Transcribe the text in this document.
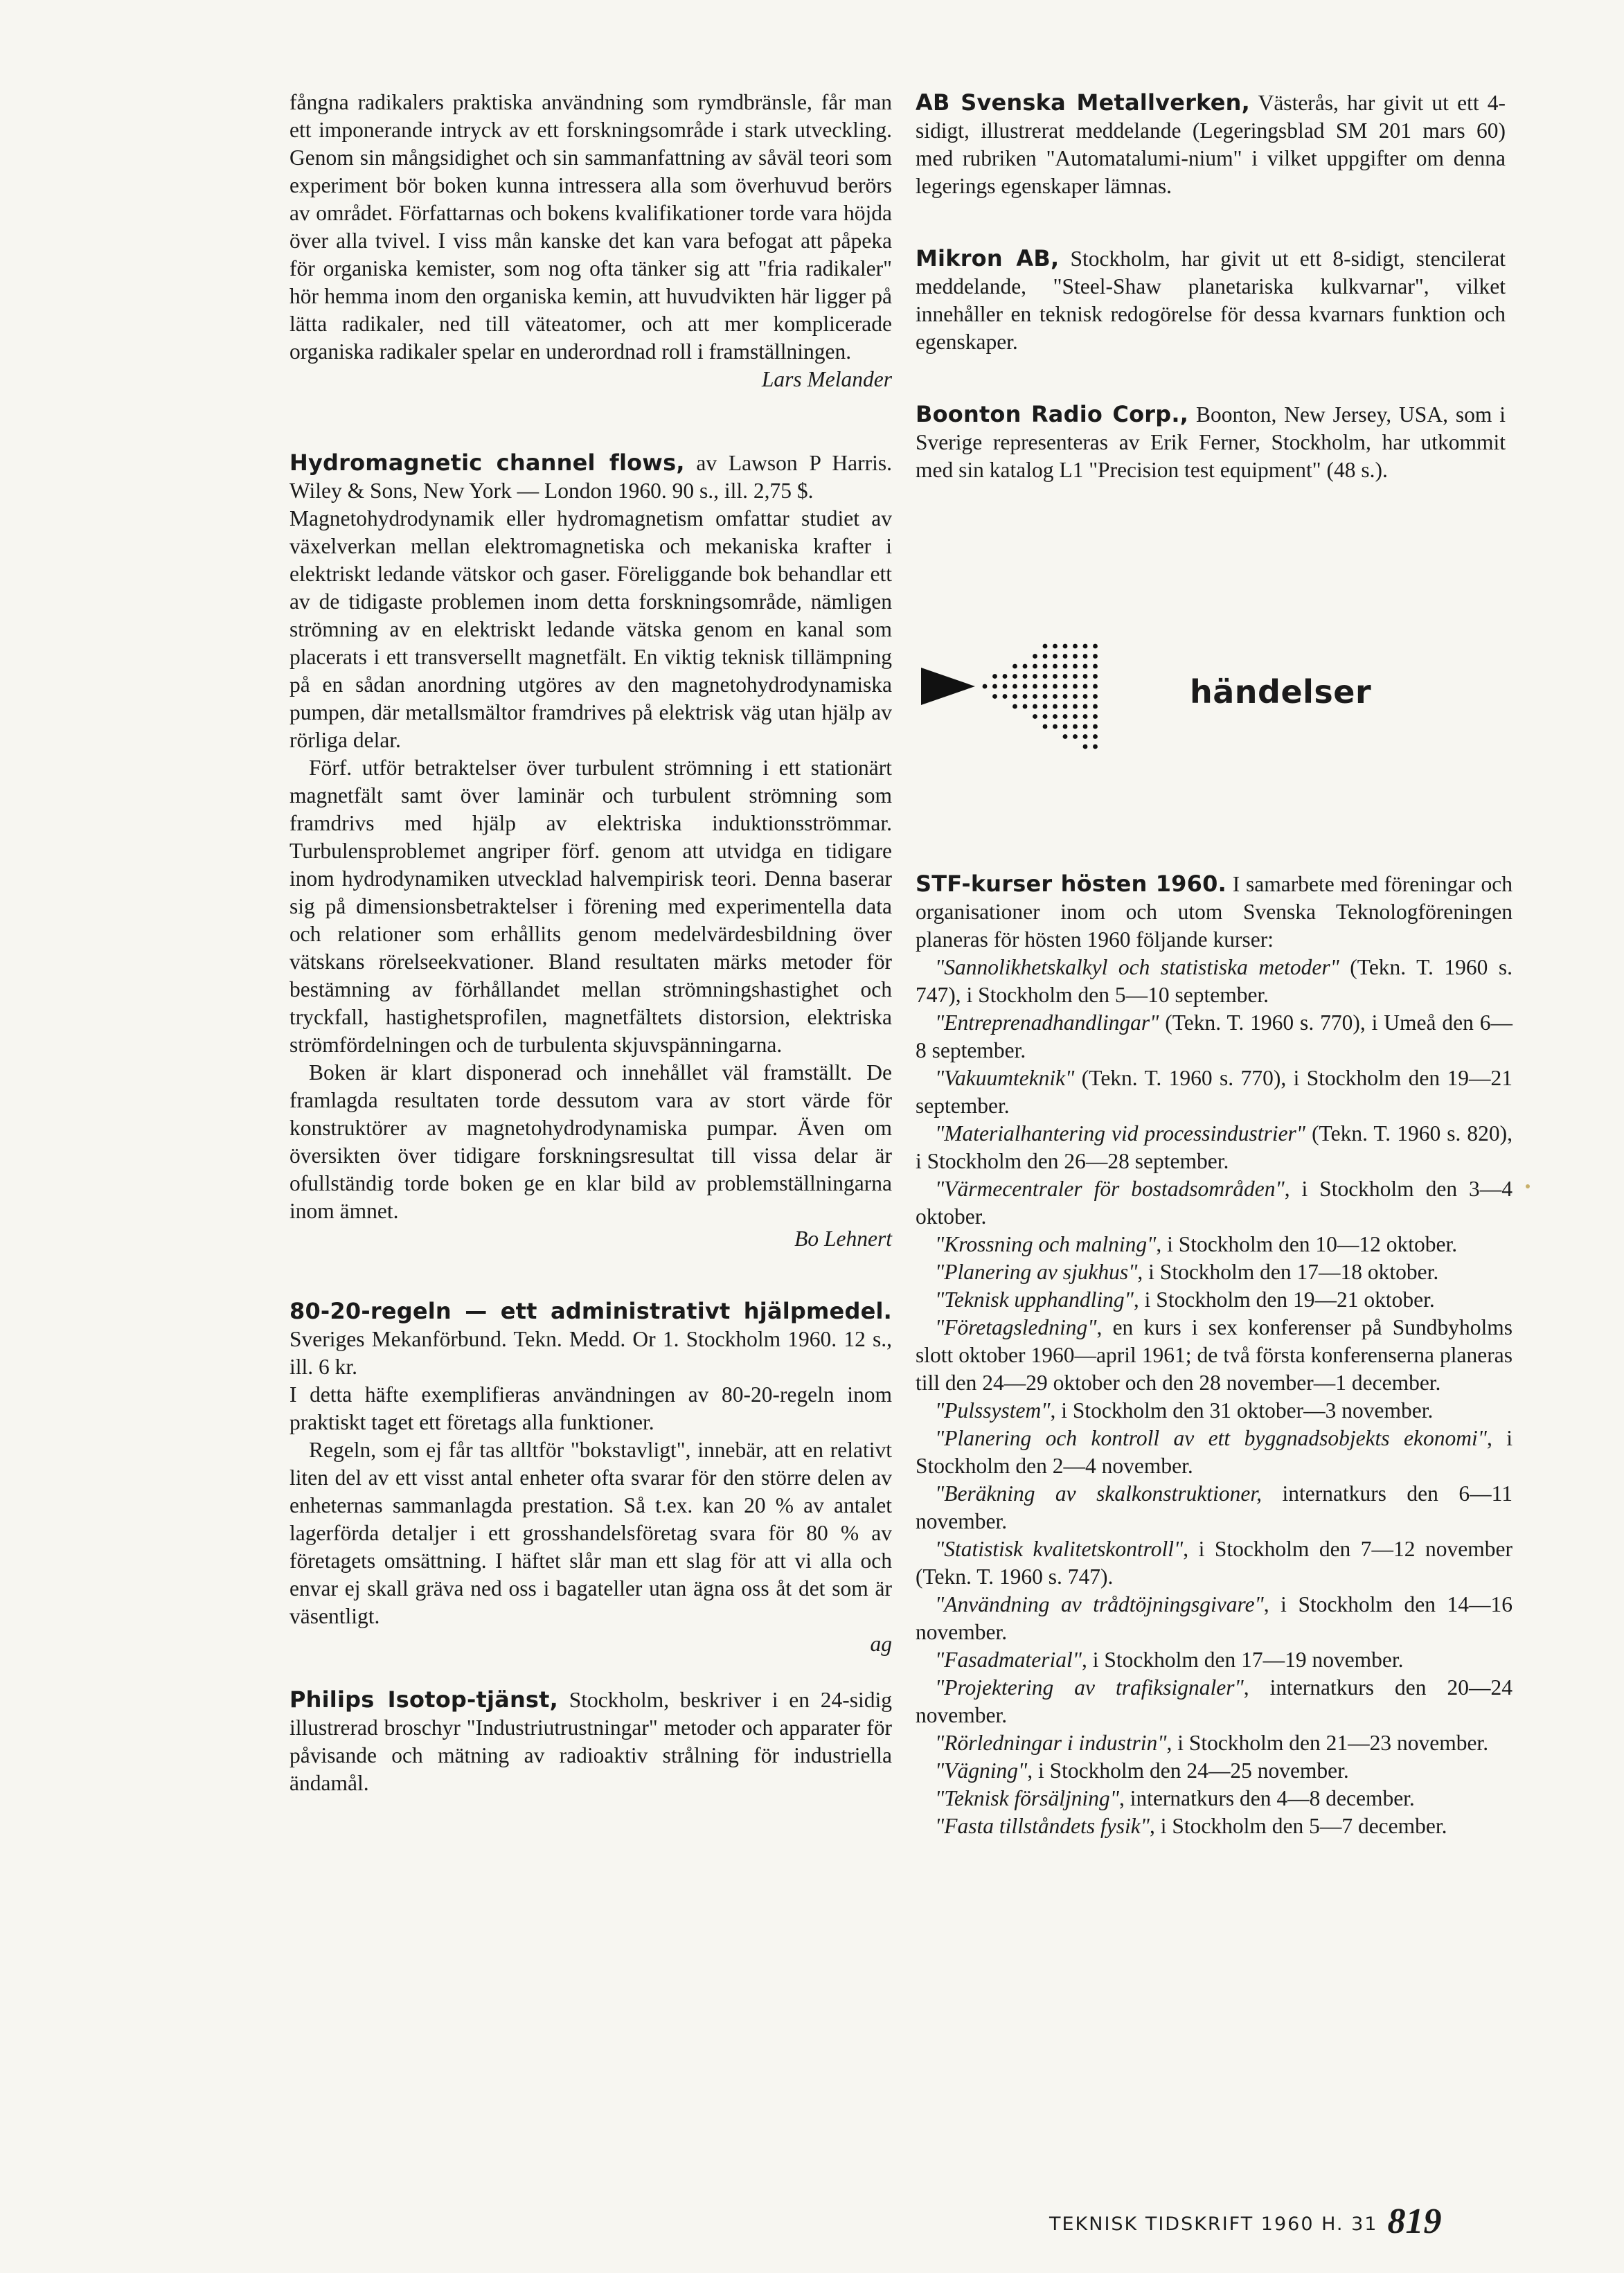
fångna radikalers praktiska användning som rymdbränsle, får man ett imponerande intryck av ett forskningsområde i stark utveckling. Genom sin mångsidighet och sin sammanfattning av såväl teori som experiment bör boken kunna intressera alla som överhuvud berörs av området. Författarnas och bokens kvalifikationer torde vara höjda över alla tvivel. I viss mån kanske det kan vara befogat att påpeka för organiska kemister, som nog ofta tänker sig att "fria radikaler" hör hemma inom den organiska kemin, att huvudvikten här ligger på lätta radikaler, ned till väteatomer, och att mer komplicerade organiska radikaler spelar en underordnad roll i framställningen.

Lars Melander

Hydromagnetic channel flows, av Lawson P Harris. Wiley & Sons, New York — London 1960. 90 s., ill. 2,75 $.

Magnetohydrodynamik eller hydromagnetism omfattar studiet av växelverkan mellan elektromagnetiska och mekaniska krafter i elektriskt ledande vätskor och gaser. Föreliggande bok behandlar ett av de tidigaste problemen inom detta forskningsområde, nämligen strömning av en elektriskt ledande vätska genom en kanal som placerats i ett transversellt magnetfält. En viktig teknisk tillämpning på en sådan anordning utgöres av den magnetohydrodynamiska pumpen, där metallsmältor framdrives på elektrisk väg utan hjälp av rörliga delar.

Förf. utför betraktelser över turbulent strömning i ett stationärt magnetfält samt över laminär och turbulent strömning som framdrivs med hjälp av elektriska induktionsströmmar. Turbulensproblemet angriper förf. genom att utvidga en tidigare inom hydrodynamiken utvecklad halvempirisk teori. Denna baserar sig på dimensionsbetraktelser i förening med experimentella data och relationer som erhållits genom medelvärdesbildning över vätskans rörelseekvationer. Bland resultaten märks metoder för bestämning av förhållandet mellan strömningshastighet och tryckfall, hastighetsprofilen, magnetfältets distorsion, elektriska strömfördelningen och de turbulenta skjuvspänningarna.

Boken är klart disponerad och innehållet väl framställt. De framlagda resultaten torde dessutom vara av stort värde för konstruktörer av magnetohydrodynamiska pumpar. Även om översikten över tidigare forskningsresultat till vissa delar är ofullständig torde boken ge en klar bild av problemställningarna inom ämnet.

Bo Lehnert

80-20-regeln — ett administrativt hjälpmedel. Sveriges Mekanförbund. Tekn. Medd. Or 1. Stockholm 1960. 12 s., ill. 6 kr.

I detta häfte exemplifieras användningen av 80-20-regeln inom praktiskt taget ett företags alla funktioner.

Regeln, som ej får tas alltför "bokstavligt", innebär, att en relativt liten del av ett visst antal enheter ofta svarar för den större delen av enheternas sammanlagda prestation. Så t.ex. kan 20 % av antalet lagerförda detaljer i ett grosshandelsföretag svara för 80 % av företagets omsättning. I häftet slår man ett slag för att vi alla och envar ej skall gräva ned oss i bagateller utan ägna oss åt det som är väsentligt.

ag

Philips Isotop-tjänst, Stockholm, beskriver i en 24-sidig illustrerad broschyr "Industriutrustningar" metoder och apparater för påvisande och mätning av radioaktiv strålning för industriella ändamål.

AB Svenska Metallverken, Västerås, har givit ut ett 4-sidigt, illustrerat meddelande (Legeringsblad SM 201 mars 60) med rubriken "Automatalumi-nium" i vilket uppgifter om denna legerings egenskaper lämnas.

Mikron AB, Stockholm, har givit ut ett 8-sidigt, stencilerat meddelande, "Steel-Shaw planetariska kulkvarnar", vilket innehåller en teknisk redogörelse för dessa kvarnars funktion och egenskaper.

Boonton Radio Corp., Boonton, New Jersey, USA, som i Sverige representeras av Erik Ferner, Stockholm, har utkommit med sin katalog L1 "Precision test equipment" (48 s.).

händelser

STF-kurser hösten 1960. I samarbete med föreningar och organisationer inom och utom Svenska Teknologföreningen planeras för hösten 1960 följande kurser:

"Sannolikhetskalkyl och statistiska metoder" (Tekn. T. 1960 s. 747), i Stockholm den 5—10 september.

"Entreprenadhandlingar" (Tekn. T. 1960 s. 770), i Umeå den 6—8 september.

"Vakuumteknik" (Tekn. T. 1960 s. 770), i Stockholm den 19—21 september.

"Materialhantering vid processindustrier" (Tekn. T. 1960 s. 820), i Stockholm den 26—28 september.

"Värmecentraler för bostadsområden", i Stockholm den 3—4 oktober.

"Krossning och malning", i Stockholm den 10—12 oktober.

"Planering av sjukhus", i Stockholm den 17—18 oktober.

"Teknisk upphandling", i Stockholm den 19—21 oktober.

"Företagsledning", en kurs i sex konferenser på Sundbyholms slott oktober 1960—april 1961; de två första konferenserna planeras till den 24—29 oktober och den 28 november—1 december.

"Pulssystem", i Stockholm den 31 oktober—3 november.

"Planering och kontroll av ett byggnadsobjekts ekonomi", i Stockholm den 2—4 november.

"Beräkning av skalkonstruktioner, internatkurs den 6—11 november.

"Statistisk kvalitetskontroll", i Stockholm den 7—12 november (Tekn. T. 1960 s. 747).

"Användning av trådtöjningsgivare", i Stockholm den 14—16 november.

"Fasadmaterial", i Stockholm den 17—19 november.

"Projektering av trafiksignaler", internatkurs den 20—24 november.

"Rörledningar i industrin", i Stockholm den 21—23 november.

"Vägning", i Stockholm den 24—25 november.

"Teknisk försäljning", internatkurs den 4—8 december.

"Fasta tillståndets fysik", i Stockholm den 5—7 december.

TEKNISK TIDSKRIFT 1960 H. 31 819
